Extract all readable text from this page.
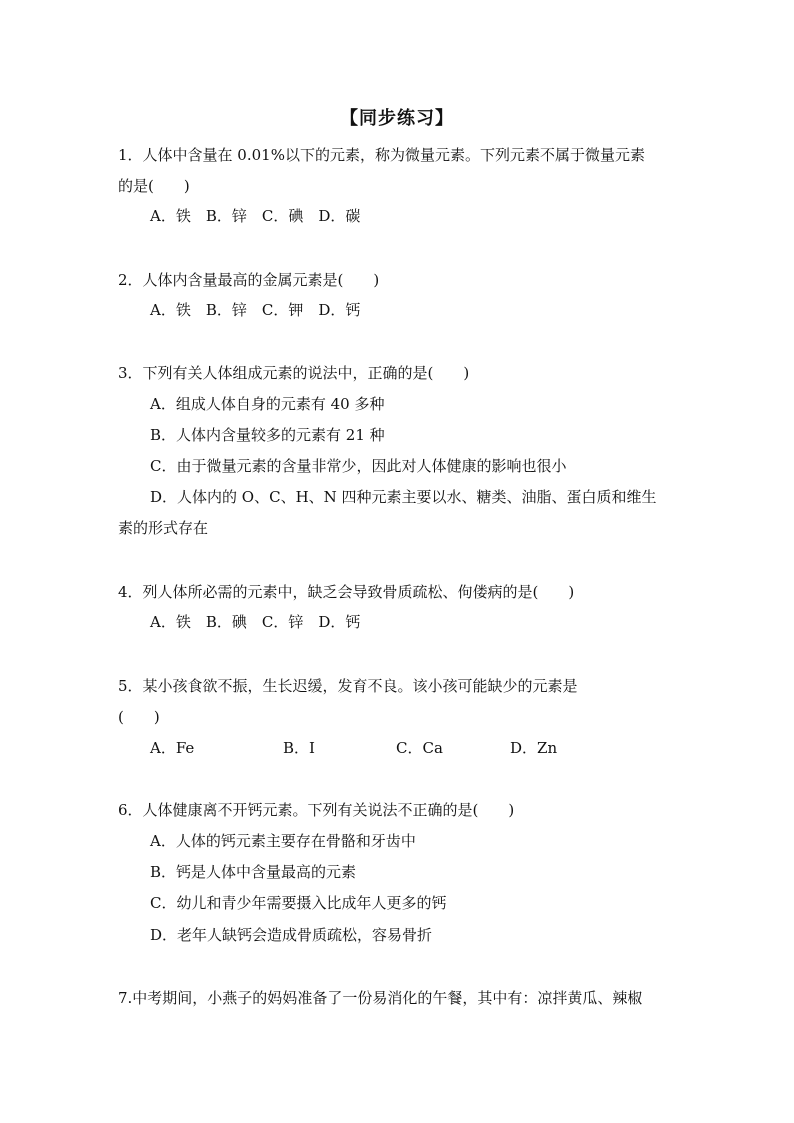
【同步练习】
1．人体中含量在 0.01%以下的元素，称为微量元素。下列元素不属于微量元素
的是(　　)
A．铁　B．锌　C．碘　D．碳
2．人体内含量最高的金属元素是(　　)
A．铁　B．锌　C．钾　D．钙
3．下列有关人体组成元素的说法中，正确的是(　　)
A．组成人体自身的元素有 40 多种
B．人体内含量较多的元素有 21 种
C．由于微量元素的含量非常少，因此对人体健康的影响也很小
D．人体内的 O、C、H、N 四种元素主要以水、糖类、油脂、蛋白质和维生
素的形式存在
4．列人体所必需的元素中，缺乏会导致骨质疏松、佝偻病的是(　　)
A．铁　B．碘　C．锌　D．钙
5．某小孩食欲不振，生长迟缓，发育不良。该小孩可能缺少的元素是
(　　)
A．Fe	B．I	C．Ca	D．Zn
6．人体健康离不开钙元素。下列有关说法不正确的是(　　)
A．人体的钙元素主要存在骨骼和牙齿中
B．钙是人体中含量最高的元素
C．幼儿和青少年需要摄入比成年人更多的钙
D．老年人缺钙会造成骨质疏松，容易骨折
7.中考期间，小燕子的妈妈准备了一份易消化的午餐，其中有：凉拌黄瓜、辣椒
